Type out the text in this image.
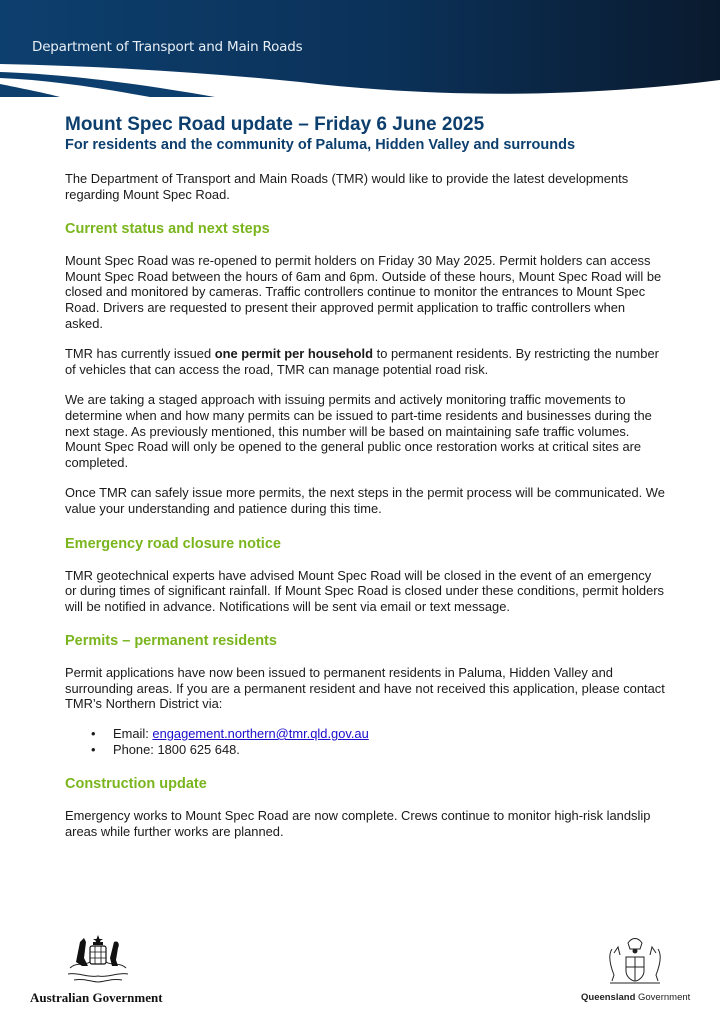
Department of Transport and Main Roads
Mount Spec Road update – Friday 6 June 2025
For residents and the community of Paluma, Hidden Valley and surrounds

The Department of Transport and Main Roads (TMR) would like to provide the latest developments regarding Mount Spec Road.

Current status and next steps

Mount Spec Road was re-opened to permit holders on Friday 30 May 2025. Permit holders can access Mount Spec Road between the hours of 6am and 6pm. Outside of these hours, Mount Spec Road will be closed and monitored by cameras. Traffic controllers continue to monitor the entrances to Mount Spec Road. Drivers are requested to present their approved permit application to traffic controllers when asked.

TMR has currently issued one permit per household to permanent residents. By restricting the number of vehicles that can access the road, TMR can manage potential road risk.

We are taking a staged approach with issuing permits and actively monitoring traffic movements to determine when and how many permits can be issued to part-time residents and businesses during the next stage. As previously mentioned, this number will be based on maintaining safe traffic volumes. Mount Spec Road will only be opened to the general public once restoration works at critical sites are completed.

Once TMR can safely issue more permits, the next steps in the permit process will be communicated. We value your understanding and patience during this time.

Emergency road closure notice

TMR geotechnical experts have advised Mount Spec Road will be closed in the event of an emergency or during times of significant rainfall. If Mount Spec Road is closed under these conditions, permit holders will be notified in advance. Notifications will be sent via email or text message.

Permits – permanent residents

Permit applications have now been issued to permanent residents in Paluma, Hidden Valley and surrounding areas. If you are a permanent resident and have not received this application, please contact TMR’s Northern District via:

• Email: engagement.northern@tmr.qld.gov.au
• Phone: 1800 625 648.
Construction update

Emergency works to Mount Spec Road are now complete. Crews continue to monitor high-risk landslip areas while further works are planned.

Australian Government	Queensland Government
